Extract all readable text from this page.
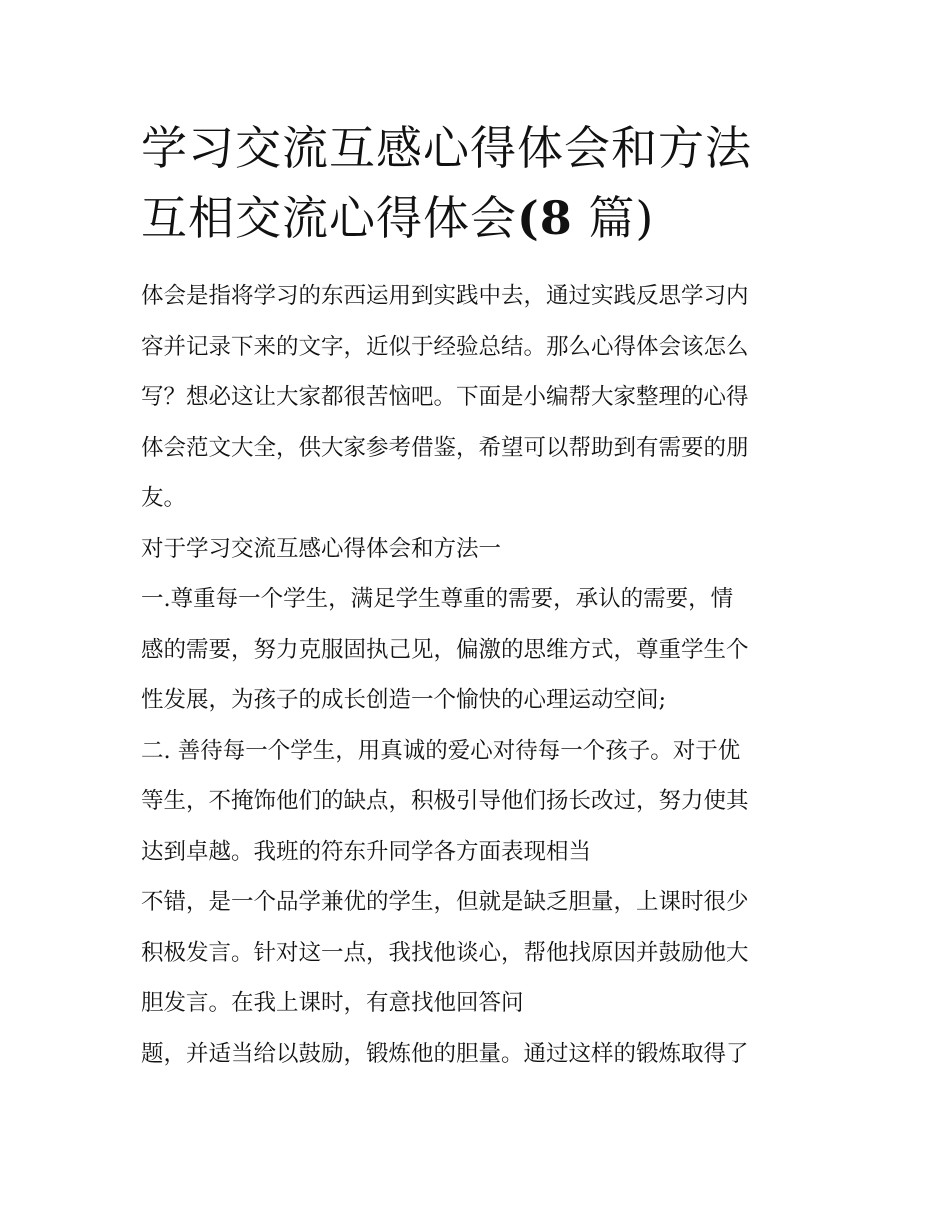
学习交流互感心得体会和方法
互相交流心得体会(8 篇)
体会是指将学习的东西运用到实践中去，通过实践反思学习内
容并记录下来的文字，近似于经验总结。那么心得体会该怎么
写？想必这让大家都很苦恼吧。下面是小编帮大家整理的心得
体会范文大全，供大家参考借鉴，希望可以帮助到有需要的朋
友。
对于学习交流互感心得体会和方法一
一.尊重每一个学生，满足学生尊重的需要，承认的需要，情
感的需要，努力克服固执己见，偏激的思维方式，尊重学生个
性发展，为孩子的成长创造一个愉快的心理运动空间;
二. 善待每一个学生，用真诚的爱心对待每一个孩子。对于优
等生，不掩饰他们的缺点，积极引导他们扬长改过，努力使其
达到卓越。我班的符东升同学各方面表现相当
不错，是一个品学兼优的学生，但就是缺乏胆量，上课时很少
积极发言。针对这一点，我找他谈心，帮他找原因并鼓励他大
胆发言。在我上课时，有意找他回答问
题，并适当给以鼓励，锻炼他的胆量。通过这样的锻炼取得了
